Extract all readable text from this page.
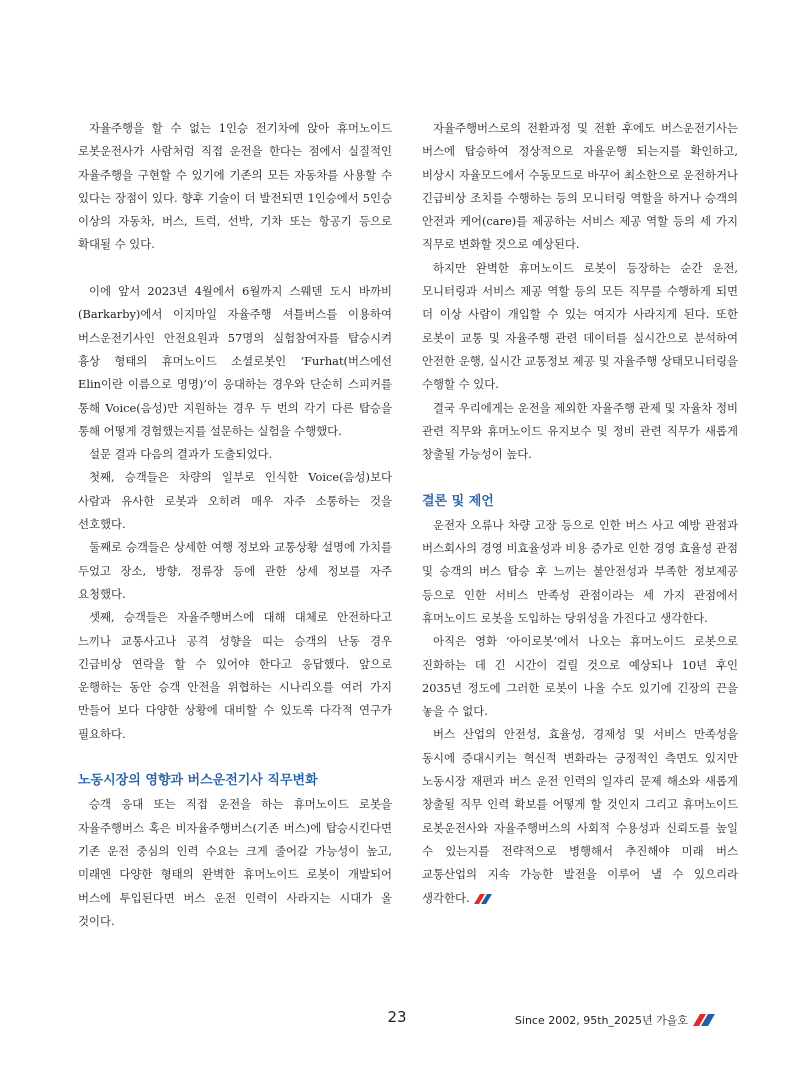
자율주행을 할 수 없는 1인승 전기차에 앉아 휴머노이드 로봇운전사가 사람처럼 직접 운전을 한다는 점에서 실질적인 자율주행을 구현할 수 있기에 기존의 모든 자동차를 사용할 수 있다는 장점이 있다. 향후 기술이 더 발전되면 1인승에서 5인승 이상의 자동차, 버스, 트럭, 선박, 기차 또는 항공기 등으로 확대될 수 있다.

이에 앞서 2023년 4월에서 6월까지 스웨덴 도시 바까비(Barkarby)에서 이지마일 자율주행 셔틀버스를 이용하여 버스운전기사인 안전요원과 57명의 실험참여자를 탑승시켜 흉상 형태의 휴머노이드 소셜로봇인 ‘Furhat(버스에선 Elin이란 이름으로 명명)’이 응대하는 경우와 단순히 스피커를 통해 Voice(음성)만 지원하는 경우 두 번의 각기 다른 탑승을 통해 어떻게 경험했는지를 설문하는 실험을 수행했다.

설문 결과 다음의 결과가 도출되었다.

첫째, 승객들은 차량의 일부로 인식한 Voice(음성)보다 사람과 유사한 로봇과 오히려 매우 자주 소통하는 것을 선호했다.

둘째로 승객들은 상세한 여행 정보와 교통상황 설명에 가치를 두었고 장소, 방향, 정류장 등에 관한 상세 정보를 자주 요청했다.

셋째, 승객들은 자율주행버스에 대해 대체로 안전하다고 느끼나 교통사고나 공격 성향을 띠는 승객의 난동 경우 긴급비상 연락을 할 수 있어야 한다고 응답했다. 앞으로 운행하는 동안 승객 안전을 위협하는 시나리오를 여러 가지 만들어 보다 다양한 상황에 대비할 수 있도록 다각적 연구가 필요하다.

노동시장의 영향과 버스운전기사 직무변화

승객 응대 또는 직접 운전을 하는 휴머노이드 로봇을 자율주행버스 혹은 비자율주행버스(기존 버스)에 탑승시킨다면 기존 운전 중심의 인력 수요는 크게 줄어갈 가능성이 높고, 미래엔 다양한 형태의 완벽한 휴머노이드 로봇이 개발되어 버스에 투입된다면 버스 운전 인력이 사라지는 시대가 올 것이다.

자율주행버스로의 전환과정 및 전환 후에도 버스운전기사는 버스에 탑승하여 정상적으로 자율운행 되는지를 확인하고, 비상시 자율모드에서 수동모드로 바꾸어 최소한으로 운전하거나 긴급비상 조치를 수행하는 등의 모니터링 역할을 하거나 승객의 안전과 케어(care)를 제공하는 서비스 제공 역할 등의 세 가지 직무로 변화할 것으로 예상된다.

하지만 완벽한 휴머노이드 로봇이 등장하는 순간 운전, 모니터링과 서비스 제공 역할 등의 모든 직무를 수행하게 되면 더 이상 사람이 개입할 수 있는 여지가 사라지게 된다. 또한 로봇이 교통 및 자율주행 관련 데이터를 실시간으로 분석하여 안전한 운행, 실시간 교통정보 제공 및 자율주행 상태모니터링을 수행할 수 있다.

결국 우리에게는 운전을 제외한 자율주행 관제 및 자율차 정비 관련 직무와 휴머노이드 유지보수 및 정비 관련 직무가 새롭게 창출될 가능성이 높다.

결론 및 제언

운전자 오류나 차량 고장 등으로 인한 버스 사고 예방 관점과 버스회사의 경영 비효율성과 비용 증가로 인한 경영 효율성 관점 및 승객의 버스 탑승 후 느끼는 불안전성과 부족한 정보제공 등으로 인한 서비스 만족성 관점이라는 세 가지 관점에서 휴머노이드 로봇을 도입하는 당위성을 가진다고 생각한다.

아직은 영화 ‘아이로봇’에서 나오는 휴머노이드 로봇으로 진화하는 데 긴 시간이 걸릴 것으로 예상되나 10년 후인 2035년 정도에 그러한 로봇이 나올 수도 있기에 긴장의 끈을 놓을 수 없다.

버스 산업의 안전성, 효율성, 경제성 및 서비스 만족성을 동시에 증대시키는 혁신적 변화라는 긍정적인 측면도 있지만 노동시장 재편과 버스 운전 인력의 일자리 문제 해소와 새롭게 창출될 직무 인력 확보를 어떻게 할 것인지 그리고 휴머노이드 로봇운전사와 자율주행버스의 사회적 수용성과 신뢰도를 높일 수 있는지를 전략적으로 병행해서 추진해야 미래 버스 교통산업의 지속 가능한 발전을 이루어 낼 수 있으리라 생각한다.

23	Since 2002, 95th_2025년 가을호
